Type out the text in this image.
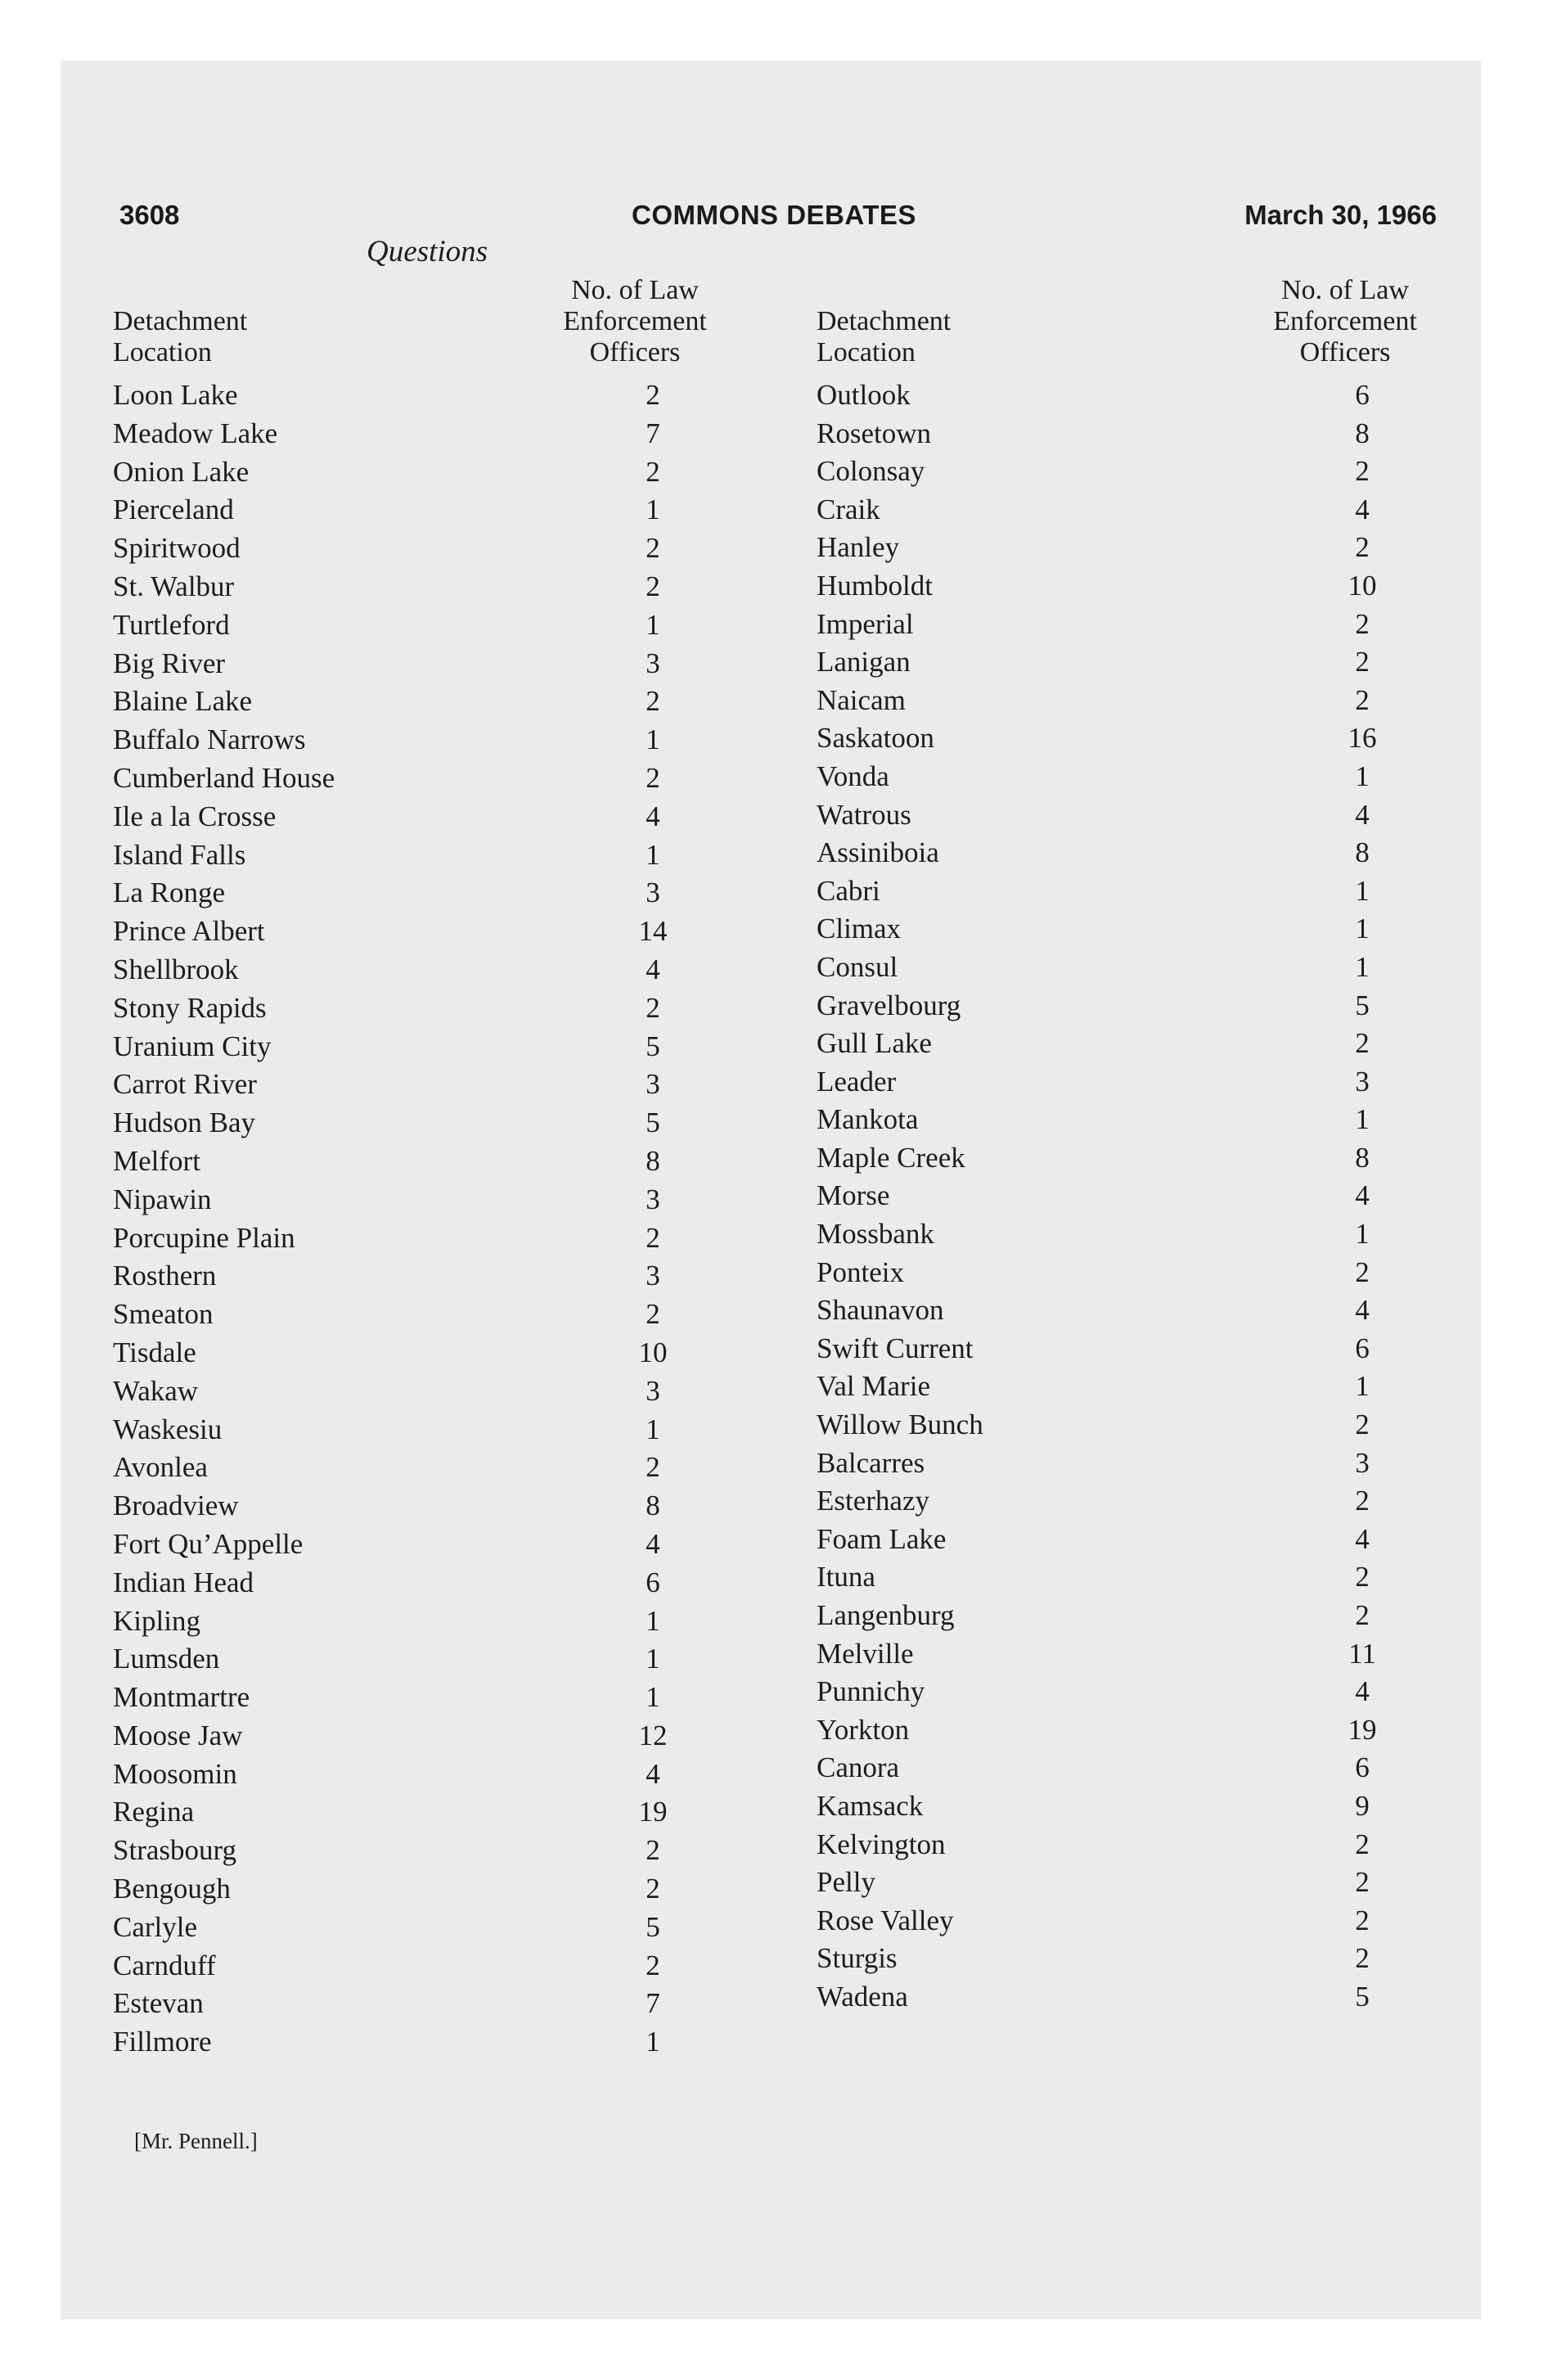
3608	COMMONS DEBATES	March 30, 1966
Questions
Detachment
Location
No. of Law
Enforcement
Officers
Loon Lake	2
Meadow Lake	7
Onion Lake	2
Pierceland	1
Spiritwood	2
St. Walbur	2
Turtleford	1
Big River	3
Blaine Lake	2
Buffalo Narrows	1
Cumberland House	2
Ile a la Crosse	4
Island Falls	1
La Ronge	3
Prince Albert	14
Shellbrook	4
Stony Rapids	2
Uranium City	5
Carrot River	3
Hudson Bay	5
Melfort	8
Nipawin	3
Porcupine Plain	2
Rosthern	3
Smeaton	2
Tisdale	10
Wakaw	3
Waskesiu	1
Avonlea	2
Broadview	8
Fort Qu’Appelle	4
Indian Head	6
Kipling	1
Lumsden	1
Montmartre	1
Moose Jaw	12
Moosomin	4
Regina	19
Strasbourg	2
Bengough	2
Carlyle	5
Carnduff	2
Estevan	7
Fillmore	1
Detachment
Location
No. of Law
Enforcement
Officers
Outlook	6
Rosetown	8
Colonsay	2
Craik	4
Hanley	2
Humboldt	10
Imperial	2
Lanigan	2
Naicam	2
Saskatoon	16
Vonda	1
Watrous	4
Assiniboia	8
Cabri	1
Climax	1
Consul	1
Gravelbourg	5
Gull Lake	2
Leader	3
Mankota	1
Maple Creek	8
Morse	4
Mossbank	1
Ponteix	2
Shaunavon	4
Swift Current	6
Val Marie	1
Willow Bunch	2
Balcarres	3
Esterhazy	2
Foam Lake	4
Ituna	2
Langenburg	2
Melville	11
Punnichy	4
Yorkton	19
Canora	6
Kamsack	9
Kelvington	2
Pelly	2
Rose Valley	2
Sturgis	2
Wadena	5
[Mr. Pennell.]
